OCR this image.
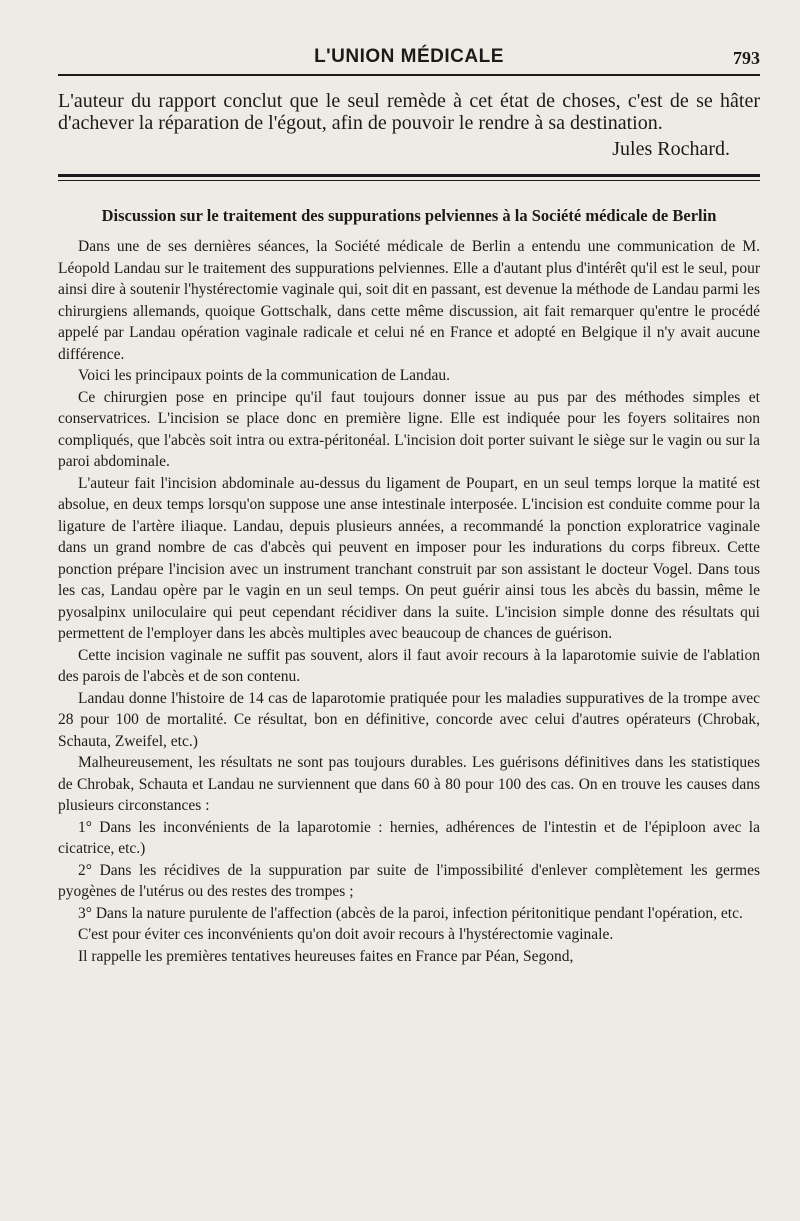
L'UNION MÉDICALE	793

L'auteur du rapport conclut que le seul remède à cet état de choses, c'est de se hâter d'achever la réparation de l'égout, afin de pouvoir le rendre à sa destination.

Jules Rochard.
Discussion sur le traitement des suppurations pelviennes à la Société médicale de Berlin

Dans une de ses dernières séances, la Société médicale de Berlin a entendu une communication de M. Léopold Landau sur le traitement des suppurations pelviennes. Elle a d'autant plus d'intérêt qu'il est le seul, pour ainsi dire à soutenir l'hystérectomie vaginale qui, soit dit en passant, est devenue la méthode de Landau parmi les chirurgiens allemands, quoique Gottschalk, dans cette même discussion, ait fait remarquer qu'entre le procédé appelé par Landau opération vaginale radicale et celui né en France et adopté en Belgique il n'y avait aucune différence.

Voici les principaux points de la communication de Landau.

Ce chirurgien pose en principe qu'il faut toujours donner issue au pus par des méthodes simples et conservatrices. L'incision se place donc en première ligne. Elle est indiquée pour les foyers solitaires non compliqués, que l'abcès soit intra ou extra-péritonéal. L'incision doit porter suivant le siège sur le vagin ou sur la paroi abdominale.

L'auteur fait l'incision abdominale au-dessus du ligament de Poupart, en un seul temps lorque la matité est absolue, en deux temps lorsqu'on suppose une anse intestinale interposée. L'incision est conduite comme pour la ligature de l'artère iliaque. Landau, depuis plusieurs années, a recommandé la ponction exploratrice vaginale dans un grand nombre de cas d'abcès qui peuvent en imposer pour les indurations du corps fibreux. Cette ponction prépare l'incision avec un instrument tranchant construit par son assistant le docteur Vogel. Dans tous les cas, Landau opère par le vagin en un seul temps. On peut guérir ainsi tous les abcès du bassin, même le pyosalpinx uniloculaire qui peut cependant récidiver dans la suite. L'incision simple donne des résultats qui permettent de l'employer dans les abcès multiples avec beaucoup de chances de guérison.

Cette incision vaginale ne suffit pas souvent, alors il faut avoir recours à la laparotomie suivie de l'ablation des parois de l'abcès et de son contenu.

Landau donne l'histoire de 14 cas de laparotomie pratiquée pour les maladies suppuratives de la trompe avec 28 pour 100 de mortalité. Ce résultat, bon en définitive, concorde avec celui d'autres opérateurs (Chrobak, Schauta, Zweifel, etc.)

Malheureusement, les résultats ne sont pas toujours durables. Les guérisons définitives dans les statistiques de Chrobak, Schauta et Landau ne surviennent que dans 60 à 80 pour 100 des cas. On en trouve les causes dans plusieurs circonstances :

1° Dans les inconvénients de la laparotomie : hernies, adhérences de l'intestin et de l'épiploon avec la cicatrice, etc.)

2° Dans les récidives de la suppuration par suite de l'impossibilité d'enlever complètement les germes pyogènes de l'utérus ou des restes des trompes ;

3° Dans la nature purulente de l'affection (abcès de la paroi, infection péritonitique pendant l'opération, etc.

C'est pour éviter ces inconvénients qu'on doit avoir recours à l'hystérectomie vaginale.

Il rappelle les premières tentatives heureuses faites en France par Péan, Segond,
